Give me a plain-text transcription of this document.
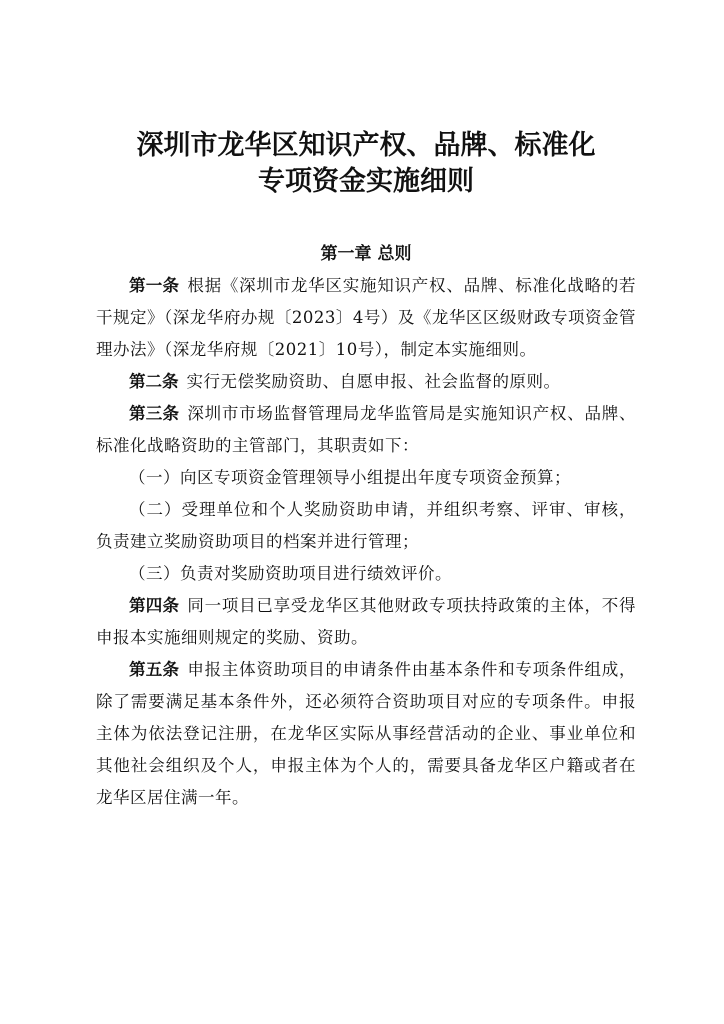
深圳市龙华区知识产权、品牌、标准化
专项资金实施细则
第一章 总则

第一条 根据《深圳市龙华区实施知识产权、品牌、标准化战略的若干规定》（深龙华府办规〔2023〕4号）及《龙华区区级财政专项资金管理办法》（深龙华府规〔2021〕10号），制定本实施细则。

第二条 实行无偿奖励资助、自愿申报、社会监督的原则。

第三条 深圳市市场监督管理局龙华监管局是实施知识产权、品牌、标准化战略资助的主管部门，其职责如下：

（一）向区专项资金管理领导小组提出年度专项资金预算；

（二）受理单位和个人奖励资助申请，并组织考察、评审、审核，负责建立奖励资助项目的档案并进行管理；

（三）负责对奖励资助项目进行绩效评价。

第四条 同一项目已享受龙华区其他财政专项扶持政策的主体，不得申报本实施细则规定的奖励、资助。

第五条 申报主体资助项目的申请条件由基本条件和专项条件组成，除了需要满足基本条件外，还必须符合资助项目对应的专项条件。申报主体为依法登记注册，在龙华区实际从事经营活动的企业、事业单位和其他社会组织及个人，申报主体为个人的，需要具备龙华区户籍或者在龙华区居住满一年。
